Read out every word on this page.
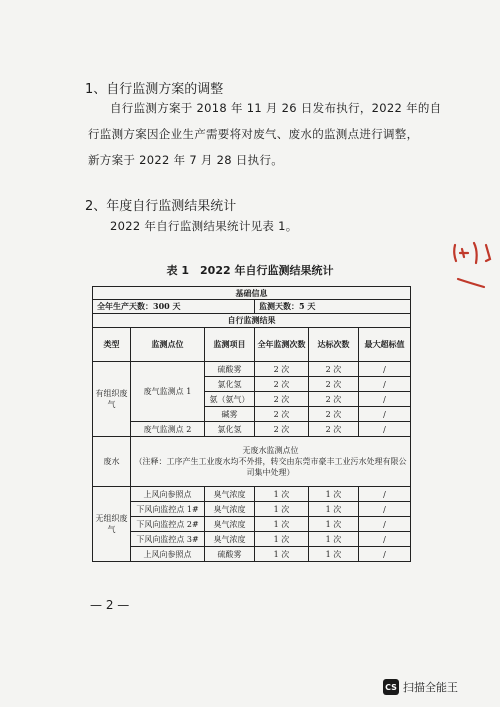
1、自行监测方案的调整
自行监测方案于 2018 年 11 月 26 日发布执行，2022 年的自
行监测方案因企业生产需要将对废气、废水的监测点进行调整，
新方案于 2022 年 7 月 28 日执行。
2、年度自行监测结果统计
2022 年自行监测结果统计见表 1。
表 1　2022 年自行监测结果统计
基础信息					
全年生产天数：300 天			监测天数：5 天		
自行监测结果					
类型	监测点位	监测项目	全年监测次数	达标次数	最大超标值
有组织废气	废气监测点 1	硫酸雾	2 次	2 次	/
		氯化氢	2 次	2 次	/
		氨（氨气）	2 次	2 次	/
		碱雾	2 次	2 次	/
	废气监测点 2	氯化氢	2 次	2 次	/
废水	无废水监测点位
（注释：工序产生工业废水均不外排，转交由东莞市豪丰工业污水处理有限公司集中处理）				

无组织废气	上风向参照点	臭气浓度	1 次	1 次	/
	下风向监控点 1#	臭气浓度	1 次	1 次	/
	下风向监控点 2#	臭气浓度	1 次	1 次	/
	下风向监控点 3#	臭气浓度	1 次	1 次	/
	上风向参照点	硫酸雾	1 次	1 次	/
— 2 —
CS 扫描全能王
